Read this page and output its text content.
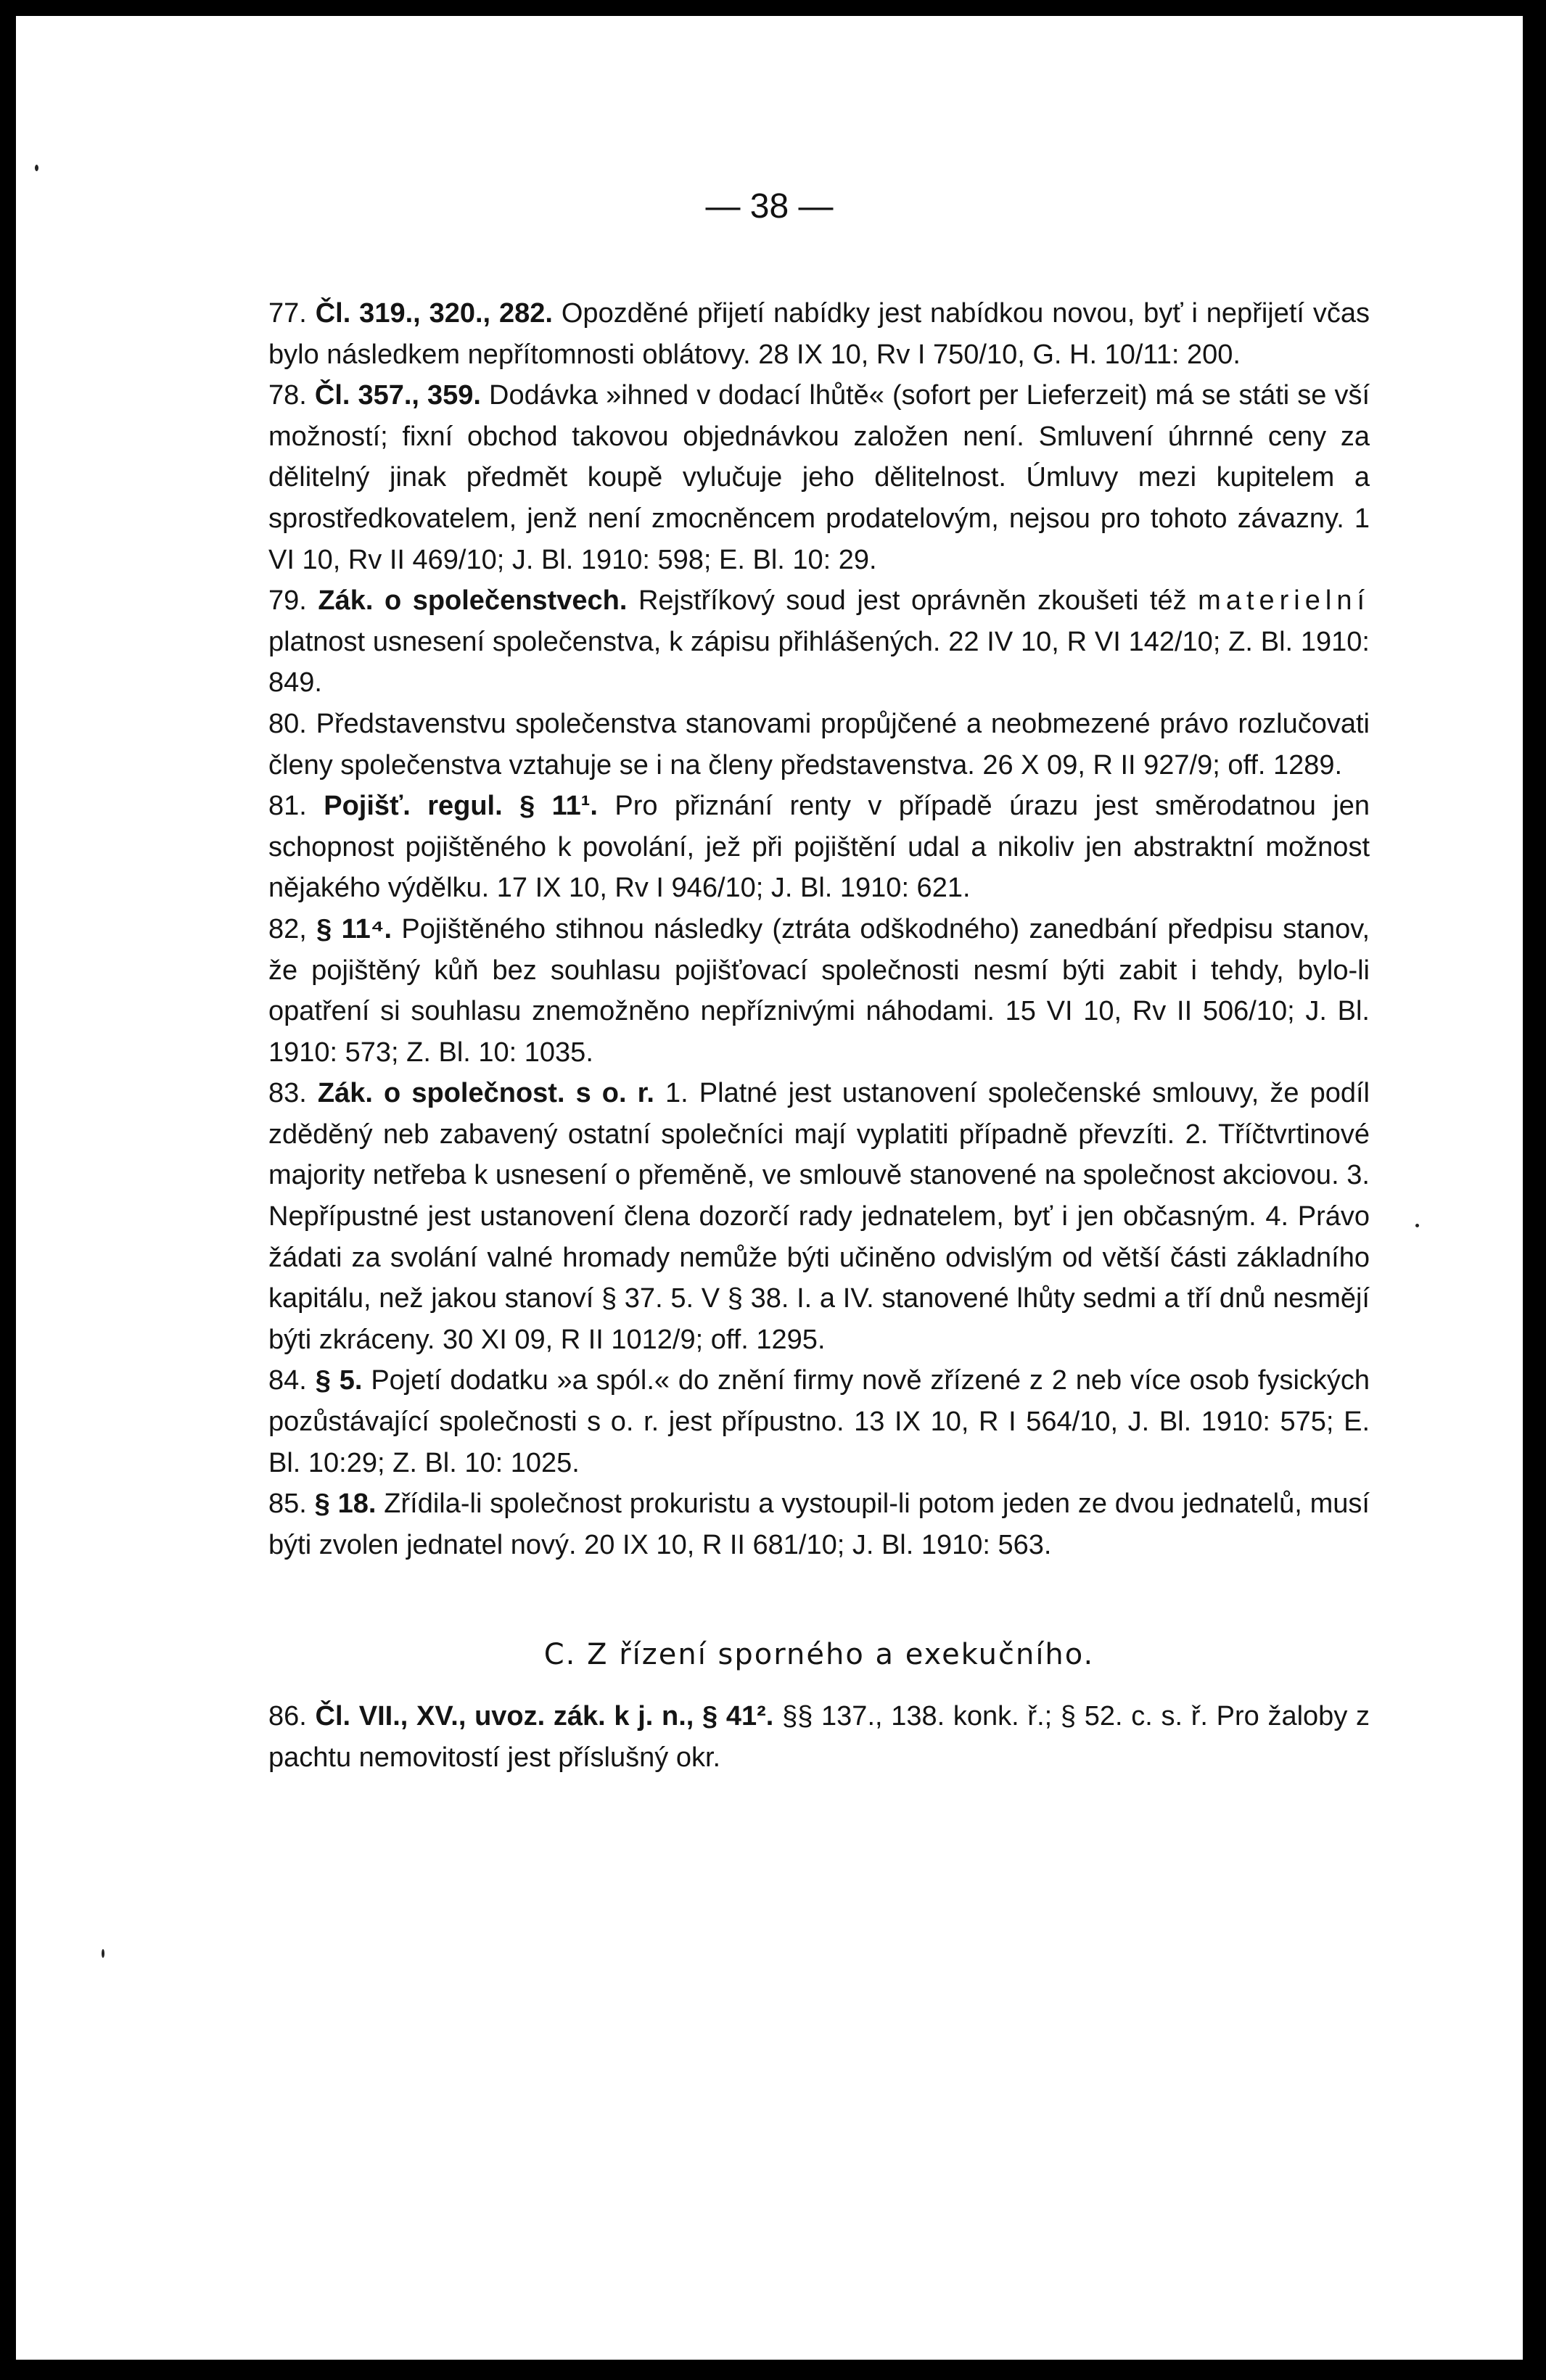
— 38 —

77. Čl. 319., 320., 282. Opozděné přijetí nabídky jest nabídkou novou, byť i nepřijetí včas bylo následkem nepřítomnosti oblátovy. 28 IX 10, Rv I 750/10, G. H. 10/11: 200.

78. Čl. 357., 359. Dodávka »ihned v dodací lhůtě« (sofort per Lieferzeit) má se státi se vší možností; fixní obchod takovou objednávkou založen není. Smluvení úhrnné ceny za dělitelný jinak předmět koupě vylučuje jeho dělitelnost. Úmluvy mezi kupitelem a sprostředkovatelem, jenž není zmocněncem prodatelovým, nejsou pro tohoto závazny. 1 VI 10, Rv II 469/10; J. Bl. 1910: 598; E. Bl. 10: 29.

79. Zák. o společenstvech. Rejstříkový soud jest oprávněn zkoušeti též materielní platnost usnesení společenstva, k zápisu přihlášených. 22 IV 10, R VI 142/10; Z. Bl. 1910: 849.

80. Představenstvu společenstva stanovami propůjčené a neobmezené právo rozlučovati členy společenstva vztahuje se i na členy představenstva. 26 X 09, R II 927/9; off. 1289.

81. Pojišť. regul. § 11¹. Pro přiznání renty v případě úrazu jest směrodatnou jen schopnost pojištěného k povolání, jež při pojištění udal a nikoliv jen abstraktní možnost nějakého výdělku. 17 IX 10, Rv I 946/10; J. Bl. 1910: 621.

82, § 11⁴. Pojištěného stihnou následky (ztráta odškodného) zanedbání předpisu stanov, že pojištěný kůň bez souhlasu pojišťovací společnosti nesmí býti zabit i tehdy, bylo-li opatření si souhlasu znemožněno nepříznivými náhodami. 15 VI 10, Rv II 506/10; J. Bl. 1910: 573; Z. Bl. 10: 1035.

83. Zák. o společnost. s o. r. 1. Platné jest ustanovení společenské smlouvy, že podíl zděděný neb zabavený ostatní společníci mají vyplatiti případně převzíti. 2. Tříčtvrtinové majority netřeba k usnesení o přeměně, ve smlouvě stanovené na společnost akciovou. 3. Nepřípustné jest ustanovení člena dozorčí rady jednatelem, byť i jen občasným. 4. Právo žádati za svolání valné hromady nemůže býti učiněno odvislým od větší části základního kapitálu, než jakou stanoví § 37. 5. V § 38. I. a IV. stanovené lhůty sedmi a tří dnů nesmějí býti zkráceny. 30 XI 09, R II 1012/9; off. 1295.

84. § 5. Pojetí dodatku »a spól.« do znění firmy nově zřízené z 2 neb více osob fysických pozůstávající společnosti s o. r. jest přípustno. 13 IX 10, R I 564/10, J. Bl. 1910: 575; E. Bl. 10:29; Z. Bl. 10: 1025.

85. § 18. Zřídila-li společnost prokuristu a vystoupil-li potom jeden ze dvou jednatelů, musí býti zvolen jednatel nový. 20 IX 10, R II 681/10; J. Bl. 1910: 563.

C. Z řízení sporného a exekučního.

86. Čl. VII., XV., uvoz. zák. k j. n., § 41². §§ 137., 138. konk. ř.; § 52. c. s. ř. Pro žaloby z pachtu nemovitostí jest příslušný okr.
